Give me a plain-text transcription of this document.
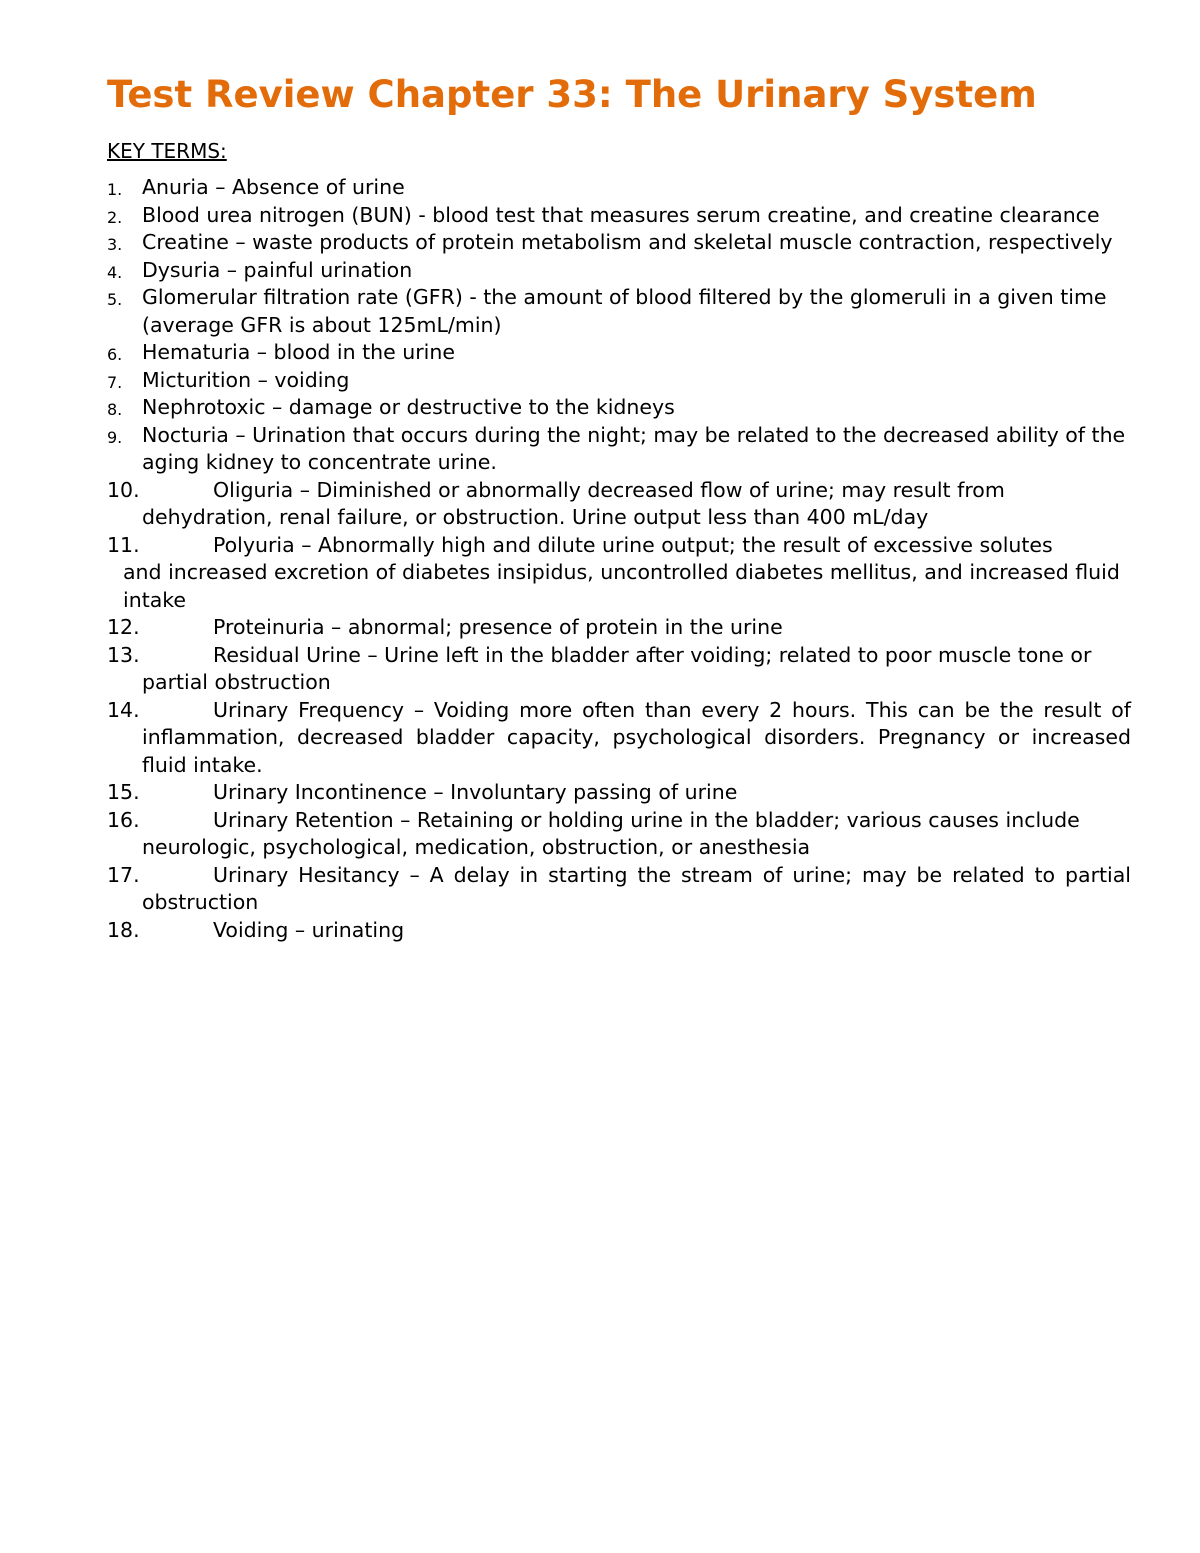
Test Review Chapter 33: The Urinary System
KEY TERMS:
1. Anuria – Absence of urine
2. Blood urea nitrogen (BUN) - blood test that measures serum creatine, and creatine clearance
3. Creatine – waste products of protein metabolism and skeletal muscle contraction, respectively
4. Dysuria – painful urination
5. Glomerular filtration rate (GFR) - the amount of blood filtered by the glomeruli in a given time (average GFR is about 125mL/min)
6. Hematuria – blood in the urine
7. Micturition – voiding
8. Nephrotoxic – damage or destructive to the kidneys
9. Nocturia – Urination that occurs during the night; may be related to the decreased ability of the aging kidney to concentrate urine.
10.	Oliguria – Diminished or abnormally decreased flow of urine; may result from dehydration, renal failure, or obstruction. Urine output less than 400 mL/day
11.	Polyuria – Abnormally high and dilute urine output; the result of excessive solutes
and increased excretion of diabetes insipidus, uncontrolled diabetes mellitus, and increased fluid intake
12.	Proteinuria – abnormal; presence of protein in the urine
13.	Residual Urine – Urine left in the bladder after voiding; related to poor muscle tone or partial obstruction
14.	Urinary Frequency – Voiding more often than every 2 hours. This can be the result of inflammation, decreased bladder capacity, psychological disorders. Pregnancy or increased fluid intake.
15.	Urinary Incontinence – Involuntary passing of urine
16.	Urinary Retention – Retaining or holding urine in the bladder; various causes include neurologic, psychological, medication, obstruction, or anesthesia
17.	Urinary Hesitancy – A delay in starting the stream of urine; may be related to partial obstruction
18.	Voiding – urinating
